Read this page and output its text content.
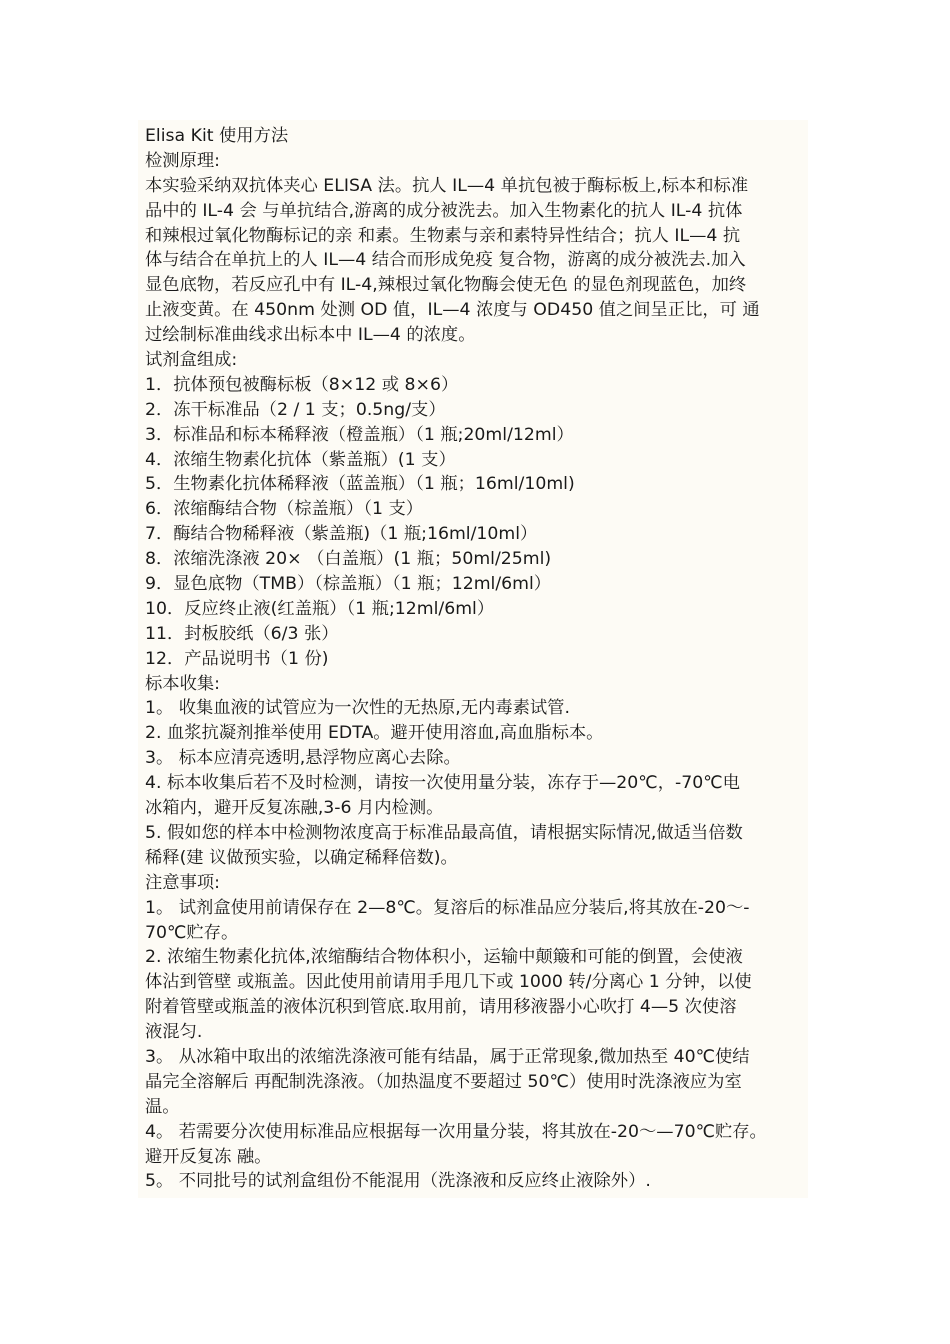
Elisa Kit 使用方法
检测原理:
本实验采纳双抗体夹心 ELISA 法。抗人 IL—4 单抗包被于酶标板上,标本和标准
品中的 IL-4 会 与单抗结合,游离的成分被洗去。加入生物素化的抗人 IL-4 抗体
和辣根过氧化物酶标记的亲 和素。生物素与亲和素特异性结合；抗人 IL—4 抗
体与结合在单抗上的人 IL—4 结合而形成免疫 复合物，游离的成分被洗去.加入
显色底物，若反应孔中有 IL-4,辣根过氧化物酶会使无色 的显色剂现蓝色，加终
止液变黄。在 450nm 处测 OD 值，IL—4 浓度与 OD450 值之间呈正比，可 通
过绘制标准曲线求出标本中 IL—4 的浓度。
试剂盒组成:
1．抗体预包被酶标板（8×12 或 8×6）
2．冻干标准品（2 / 1 支；0.5ng/支）
3．标准品和标本稀释液（橙盖瓶）（1 瓶;20ml/12ml）
4．浓缩生物素化抗体（紫盖瓶）(1 支）
5．生物素化抗体稀释液（蓝盖瓶）（1 瓶；16ml/10ml)
6．浓缩酶结合物（棕盖瓶）（1 支）
7．酶结合物稀释液（紫盖瓶)（1 瓶;16ml/10ml）
8．浓缩洗涤液 20× （白盖瓶）(1 瓶；50ml/25ml)
9．显色底物（TMB）（棕盖瓶）（1 瓶；12ml/6ml）
10．反应终止液(红盖瓶）（1 瓶;12ml/6ml）
11．封板胶纸（6/3 张）
12．产品说明书（1 份)
标本收集:
1。 收集血液的试管应为一次性的无热原,无内毒素试管.
2. 血浆抗凝剂推举使用 EDTA。避开使用溶血,高血脂标本。
3。 标本应清亮透明,悬浮物应离心去除。
4. 标本收集后若不及时检测，请按一次使用量分装，冻存于—20℃，-70℃电
冰箱内，避开反复冻融,3-6 月内检测。
5. 假如您的样本中检测物浓度高于标准品最高值，请根据实际情况,做适当倍数
稀释(建 议做预实验，以确定稀释倍数)。
注意事项:
1。 试剂盒使用前请保存在 2—8℃。复溶后的标准品应分装后,将其放在-20～-
70℃贮存。
2. 浓缩生物素化抗体,浓缩酶结合物体积小，运输中颠簸和可能的倒置，会使液
体沾到管壁 或瓶盖。因此使用前请用手甩几下或 1000 转/分离心 1 分钟，以使
附着管壁或瓶盖的液体沉积到管底.取用前，请用移液器小心吹打 4—5 次使溶
液混匀.
3。 从冰箱中取出的浓缩洗涤液可能有结晶，属于正常现象,微加热至 40℃使结
晶完全溶解后 再配制洗涤液。（加热温度不要超过 50℃）使用时洗涤液应为室
温。
4。 若需要分次使用标准品应根据每一次用量分装，将其放在-20～—70℃贮存。
避开反复冻 融。
5。 不同批号的试剂盒组份不能混用（洗涤液和反应终止液除外）.
